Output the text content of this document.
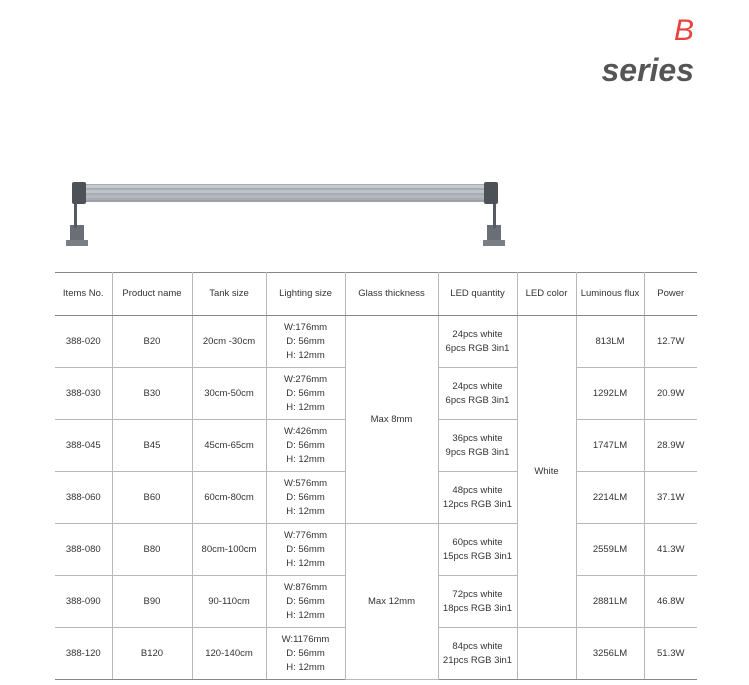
B
series
Items No.	Product name	Tank size	Lighting size	Glass thickness	LED quantity	LED color	Luminous flux	Power
388-020	B20	20cm -30cm	W:176mm
D: 56mm
H: 12mm	Max 8mm	24pcs white
6pcs RGB 3in1	White	813LM	12.7W
388-030	B30	30cm-50cm	W:276mm
D: 56mm
H: 12mm		24pcs white
6pcs RGB 3in1		1292LM	20.9W
388-045	B45	45cm-65cm	W:426mm
D: 56mm
H: 12mm		36pcs white
9pcs RGB 3in1		1747LM	28.9W
388-060	B60	60cm-80cm	W:576mm
D: 56mm
H: 12mm		48pcs white
12pcs RGB 3in1		2214LM	37.1W
388-080	B80	80cm-100cm	W:776mm
D: 56mm
H: 12mm	Max 12mm	60pcs white
15pcs RGB 3in1		2559LM	41.3W
388-090	B90	90-110cm	W:876mm
D: 56mm
H: 12mm		72pcs white
18pcs RGB 3in1		2881LM	46.8W
388-120	B120	120-140cm	W:1176mm
D: 56mm
H: 12mm		84pcs white
21pcs RGB 3in1		3256LM	51.3W
